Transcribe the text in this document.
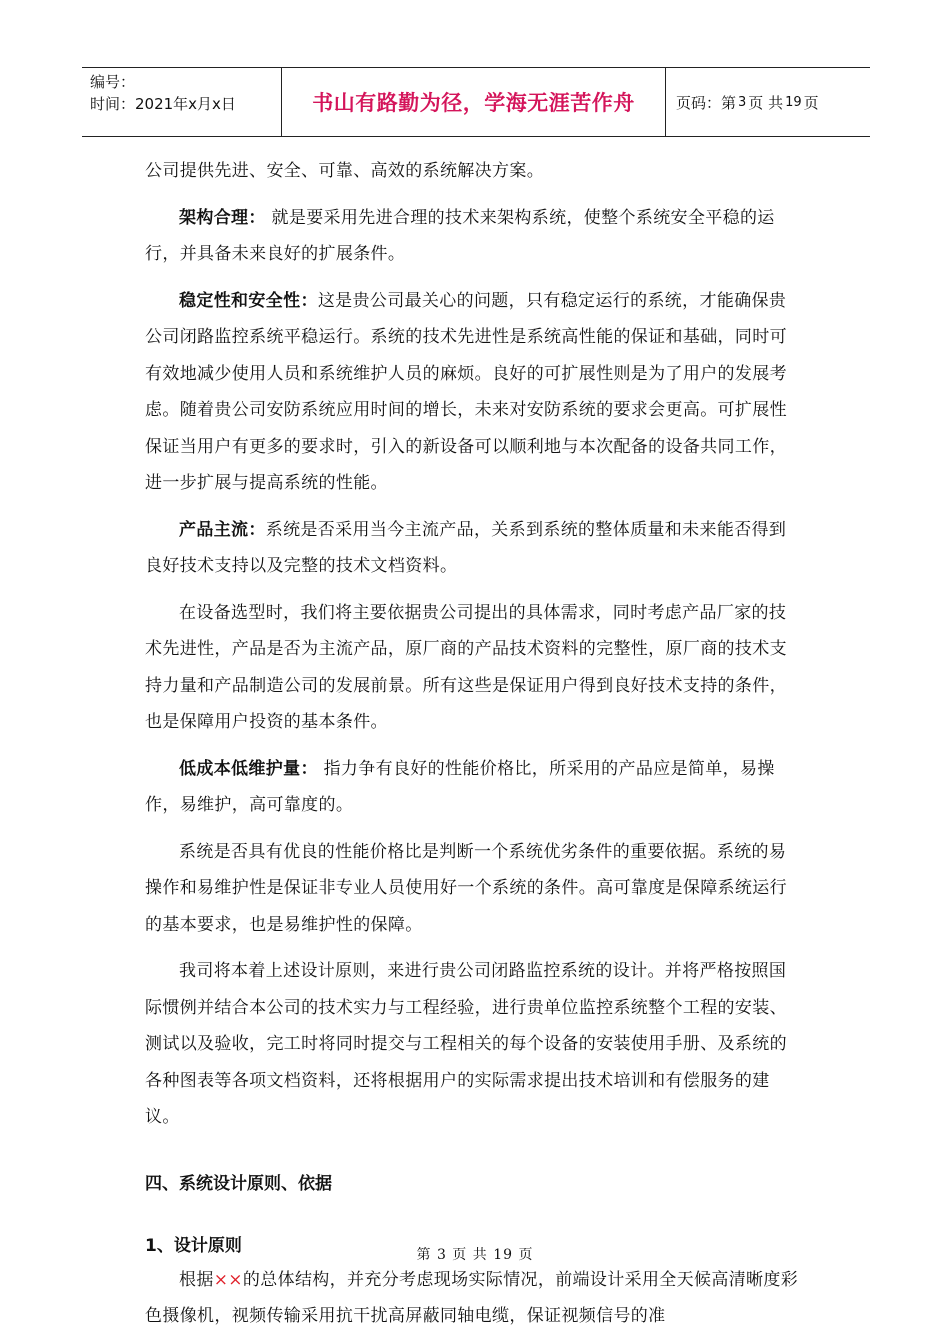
编号：
时间：2021年x月x日	书山有路勤为径，学海无涯苦作舟	页码：第 3 页 共 19 页

公司提供先进、安全、可靠、高效的系统解决方案。

架构合理： 就是要采用先进合理的技术来架构系统，使整个系统安全平稳的运行，并具备未来良好的扩展条件。

稳定性和安全性：这是贵公司最关心的问题，只有稳定运行的系统，才能确保贵公司闭路监控系统平稳运行。系统的技术先进性是系统高性能的保证和基础，同时可有效地减少使用人员和系统维护人员的麻烦。良好的可扩展性则是为了用户的发展考虑。随着贵公司安防系统应用时间的增长，未来对安防系统的要求会更高。可扩展性保证当用户有更多的要求时，引入的新设备可以顺利地与本次配备的设备共同工作，进一步扩展与提高系统的性能。

产品主流：系统是否采用当今主流产品，关系到系统的整体质量和未来能否得到良好技术支持以及完整的技术文档资料。

在设备选型时，我们将主要依据贵公司提出的具体需求，同时考虑产品厂家的技术先进性，产品是否为主流产品，原厂商的产品技术资料的完整性，原厂商的技术支持力量和产品制造公司的发展前景。所有这些是保证用户得到良好技术支持的条件，也是保障用户投资的基本条件。

低成本低维护量： 指力争有良好的性能价格比，所采用的产品应是简单，易操作，易维护，高可靠度的。

系统是否具有优良的性能价格比是判断一个系统优劣条件的重要依据。系统的易操作和易维护性是保证非专业人员使用好一个系统的条件。高可靠度是保障系统运行的基本要求，也是易维护性的保障。

我司将本着上述设计原则，来进行贵公司闭路监控系统的设计。并将严格按照国际惯例并结合本公司的技术实力与工程经验，进行贵单位监控系统整个工程的安装、测试以及验收，完工时将同时提交与工程相关的每个设备的安装使用手册、及系统的各种图表等各项文档资料，还将根据用户的实际需求提出技术培训和有偿服务的建议。

四、系统设计原则、依据
1、设计原则

根据××的总体结构，并充分考虑现场实际情况，前端设计采用全天候高清晰度彩色摄像机，视频传输采用抗干扰高屏蔽同轴电缆，保证视频信号的准

第 3 页 共 19 页
